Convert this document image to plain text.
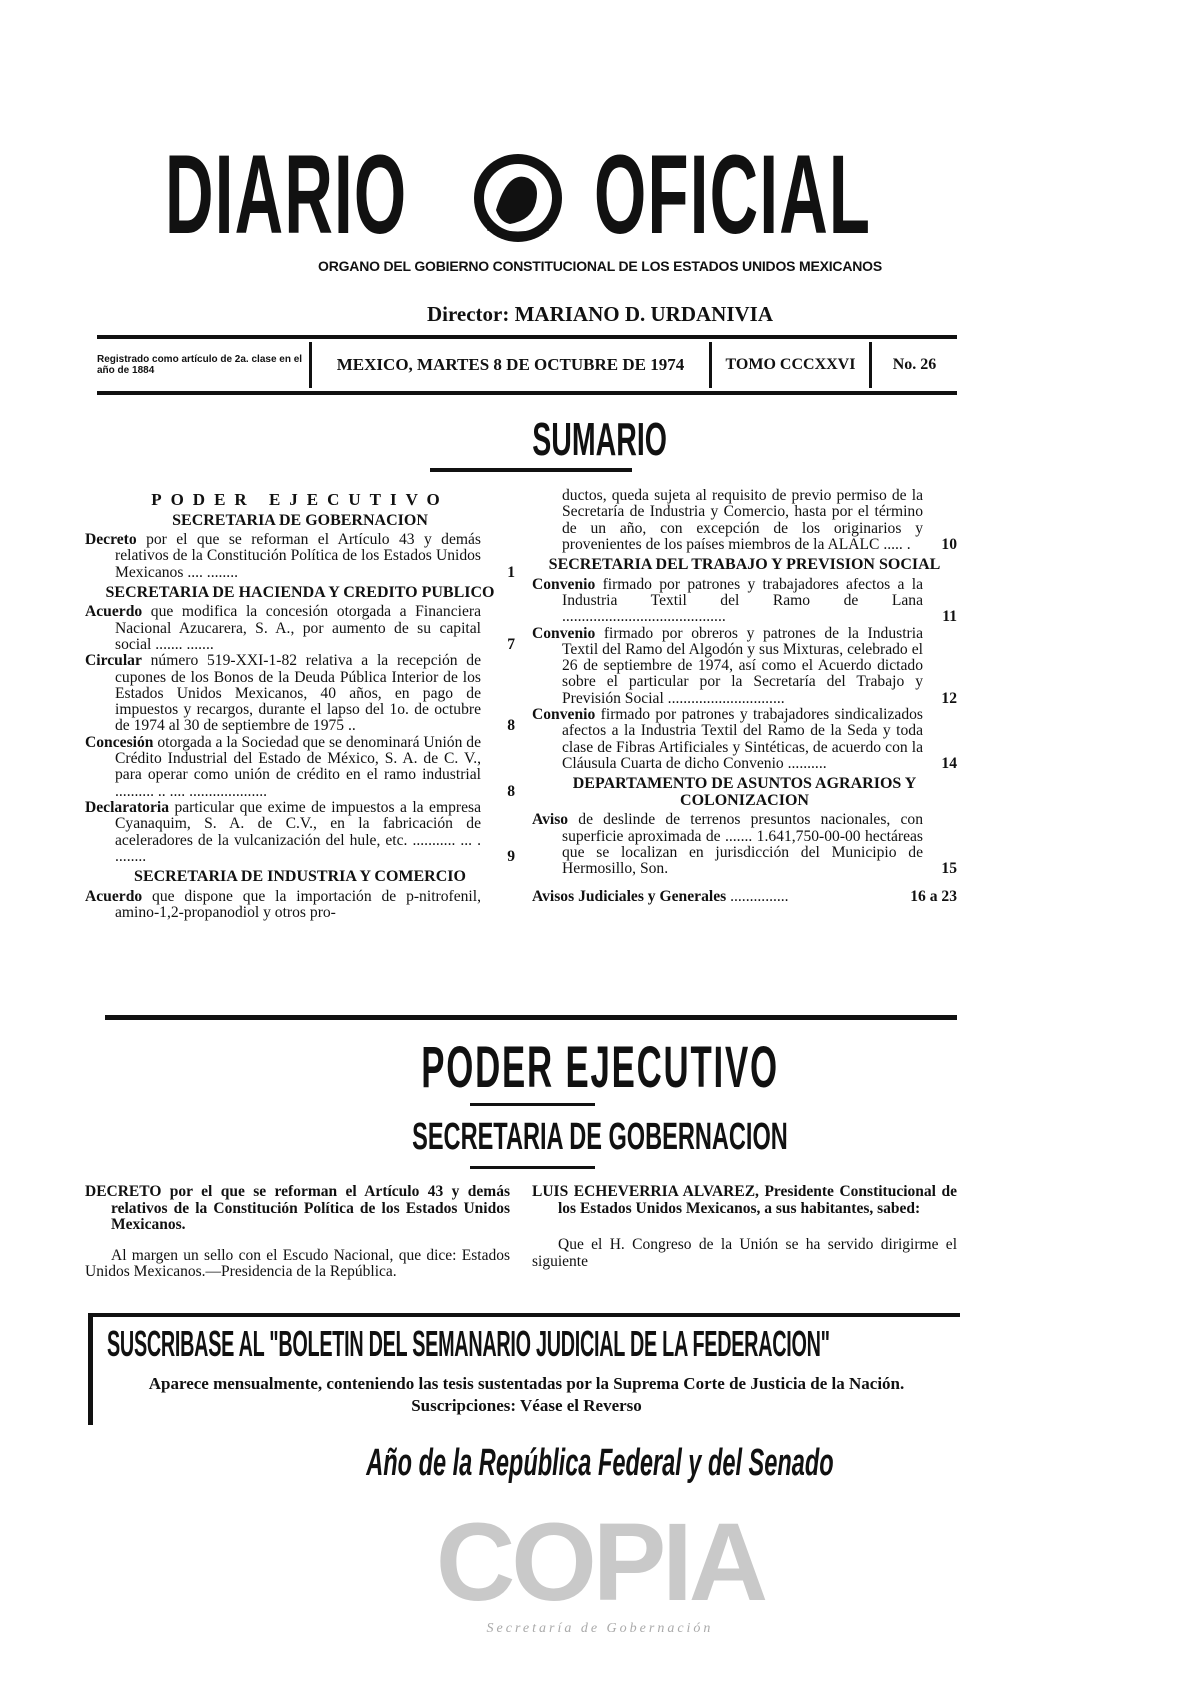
DIARIO OFICIAL
ORGANO DEL GOBIERNO CONSTITUCIONAL DE LOS ESTADOS UNIDOS MEXICANOS
Director: MARIANO D. URDANIVIA
Registrado como artículo de 2a. clase en el año de 1884	MEXICO, MARTES 8 DE OCTUBRE DE 1974	TOMO CCCXXVI	No. 26
SUMARIO
PODER EJECUTIVO
SECRETARIA DE GOBERNACION
Decreto por el que se reforman el Artículo 43 y demás relativos de la Constitución Política de los Estados Unidos Mexicanos .... ........	1
SECRETARIA DE HACIENDA Y CREDITO PUBLICO
Acuerdo que modifica la concesión otorgada a Financiera Nacional Azucarera, S. A., por aumento de su capital social ....... .......	7
Circular número 519-XXI-1-82 relativa a la recepción de cupones de los Bonos de la Deuda Pública Interior de los Estados Unidos Mexicanos, 40 años, en pago de impuestos y recargos, durante el lapso del 1o. de octubre de 1974 al 30 de septiembre de 1975 ..	8
Concesión otorgada a la Sociedad que se denominará Unión de Crédito Industrial del Estado de México, S. A. de C. V., para operar como unión de crédito en el ramo industrial .......... .. .... ....................	8
Declaratoria particular que exime de impuestos a la empresa Cyanaquim, S. A. de C.V., en la fabricación de aceleradores de la vulcanización del hule, etc. ........... ... . ........	9
SECRETARIA DE INDUSTRIA Y COMERCIO
Acuerdo que dispone que la importación de p-nitrofenil, amino-1,2-propanodiol y otros pro-
ductos, queda sujeta al requisito de previo permiso de la Secretaría de Industria y Comercio, hasta por el término de un año, con excepción de los originarios y provenientes de los países miembros de la ALALC ..... .	10
SECRETARIA DEL TRABAJO Y PREVISION SOCIAL
Convenio firmado por patrones y trabajadores afectos a la Industria Textil del Ramo de Lana ..........................................	11
Convenio firmado por obreros y patrones de la Industria Textil del Ramo del Algodón y sus Mixturas, celebrado el 26 de septiembre de 1974, así como el Acuerdo dictado sobre el particular por la Secretaría del Trabajo y Previsión Social ..............................	12
Convenio firmado por patrones y trabajadores sindicalizados afectos a la Industria Textil del Ramo de la Seda y toda clase de Fibras Artificiales y Sintéticas, de acuerdo con la Cláusula Cuarta de dicho Convenio ..........	14
DEPARTAMENTO DE ASUNTOS AGRARIOS Y COLONIZACION
Aviso de deslinde de terrenos presuntos nacionales, con superficie aproximada de ....... 1.641,750-00-00 hectáreas que se localizan en jurisdicción del Municipio de Hermosillo, Son.	15
Avisos Judiciales y Generales ...............	16 a 23
PODER EJECUTIVO
SECRETARIA DE GOBERNACION

DECRETO por el que se reforman el Artículo 43 y demás relativos de la Constitución Política de los Estados Unidos Mexicanos.

Al margen un sello con el Escudo Nacional, que dice: Estados Unidos Mexicanos.—Presidencia de la República.

LUIS ECHEVERRIA ALVAREZ, Presidente Constitucional de los Estados Unidos Mexicanos, a sus habitantes, sabed:

Que el H. Congreso de la Unión se ha servido dirigirme el siguiente

SUSCRIBASE AL "BOLETIN DEL SEMANARIO JUDICIAL DE LA FEDERACION"
Aparece mensualmente, conteniendo las tesis sustentadas por la Suprema Corte de Justicia de la Nación. Suscripciones: Véase el Reverso
Año de la República Federal y del Senado
COPIA
Secretaría de Gobernación
